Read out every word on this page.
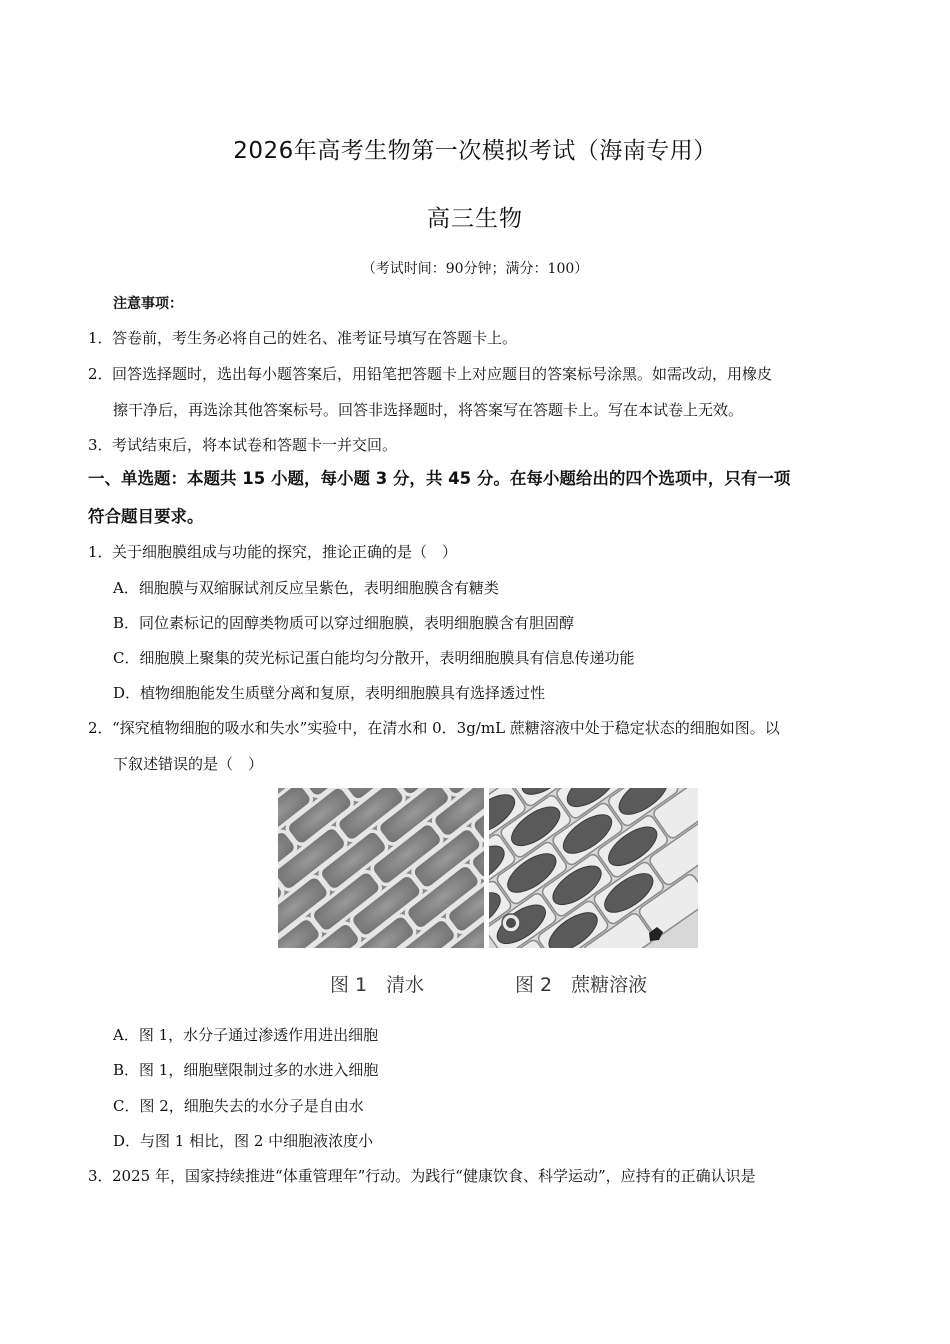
2026年高考生物第一次模拟考试（海南专用）
高三生物
（考试时间：90分钟；满分：100）
注意事项：
1．答卷前，考生务必将自己的姓名、准考证号填写在答题卡上。
2．回答选择题时，选出每小题答案后，用铅笔把答题卡上对应题目的答案标号涂黑。如需改动，用橡皮
擦干净后，再选涂其他答案标号。回答非选择题时，将答案写在答题卡上。写在本试卷上无效。
3．考试结束后，将本试卷和答题卡一并交回。
一、单选题：本题共 15 小题，每小题 3 分，共 45 分。在每小题给出的四个选项中，只有一项
符合题目要求。
1．关于细胞膜组成与功能的探究，推论正确的是（　）
A．细胞膜与双缩脲试剂反应呈紫色，表明细胞膜含有糖类
B．同位素标记的固醇类物质可以穿过细胞膜，表明细胞膜含有胆固醇
C．细胞膜上聚集的荧光标记蛋白能均匀分散开，表明细胞膜具有信息传递功能
D．植物细胞能发生质壁分离和复原，表明细胞膜具有选择透过性
2．“探究植物细胞的吸水和失水”实验中，在清水和 0．3g/mL 蔗糖溶液中处于稳定状态的细胞如图。以
下叙述错误的是（　）
图 1　清水	图 2　蔗糖溶液
A．图 1，水分子通过渗透作用进出细胞
B．图 1，细胞壁限制过多的水进入细胞
C．图 2，细胞失去的水分子是自由水
D．与图 1 相比，图 2 中细胞液浓度小
3．2025 年，国家持续推进“体重管理年”行动。为践行“健康饮食、科学运动”，应持有的正确认识是
